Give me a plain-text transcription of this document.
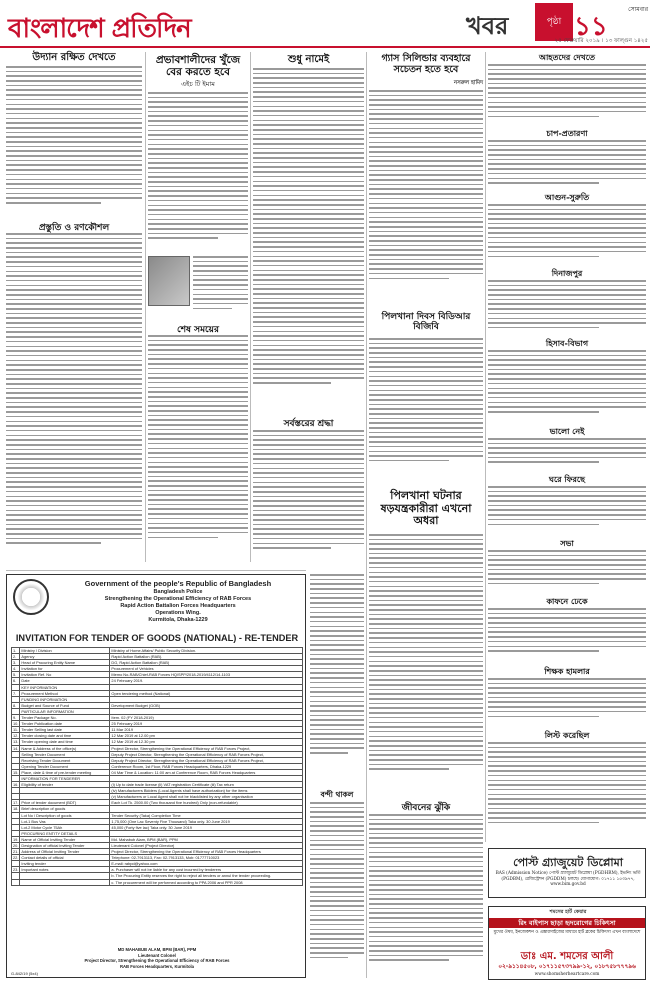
বাংলাদেশ প্রতিদিন	খবর	পৃষ্ঠা ১১
সোমবার
২৫ ফেব্রুয়ারি ২০১৯ । ১৩ ফাল্গুন ১৪২৫
উদ্যান রক্ষিত দেখতে
প্রস্তুতি ও রণকৌশল
প্রভাবশালীদের খুঁজে বের করতে হবে
এইচ টি ইমাম
শেষ সময়ের
শুধু নামেই
সর্বস্তরের শ্রদ্ধা
বন্দী থাকল
গ্যাস সিলিন্ডার ব্যবহারে সচেতন হতে হবে
নসরুল হামিদ
পিলখানা দিবস বিডিআর বিজিবি
পিলখানা ঘটনার ষড়যন্ত্রকারীরা এখনো অধরা
জীবনের ঝুঁকি
আহতদের দেখতে
চাপ-প্রতারণা
আগুন-সুরুতি
দিনাজপুর
হিসাব-বিভাগ
ভালো নেই
ঘরে ফিরছে
সভা
কাফনে ঢেকে
শিক্ষক হামলার
লিস্ট করেছিল
পোস্ট গ্র্যাজুয়েট ডিপ্লোমা
BAS (Admission Notice) পোস্ট গ্র্যাজুয়েট ডিপ্লোমা (PGDHRM), ইভনিং ভর্তি (PGDBM), রেজিস্ট্রেশন (PGDDM) চলছে। যোগাযোগ: ০১৭১১ ১৫৩৯৭৭, www.bim.gov.bd
শমসের হার্ট কেয়ার
রিং বাইপাস ছাড়া হৃদরোগের চিকিৎসা
মুখের ঔষধ, ইনজেকশন ও এক্সারসাইজের মাধ্যমে হার্ট ব্লকের চিকিৎসা এখন বাংলাদেশে
ডাঃ এম. শমসের আলী
০২-৯১১৪৫০৮, ০১৭১১৫৭৩৭৯৯-১২, ০১৮৭৫৮৭৭৭৯৬
www.shomsherheartcare.com
Government of the people's Republic of Bangladesh
Bangladesh Police
Strengthening the Operational Efficiency of RAB Forces
Rapid Action Battalion Forces Headquarters
Operations Wing.
Kurmitola, Dhaka-1229
INVITATION FOR TENDER OF GOODS (NATIONAL) - RE-TENDER
1.	Ministry / Division	Ministry of Home Affairs/ Public Security Division.
2.	Agency	Rapid Action Battalion (RAB).
3.	Head of Procuring Entity Name	DG, Rapid Action Battalion (RAB)
4.	Invitation for	Procurement of Vehicles
5.	Invitation Ref. No	Memo No-RAB/Chief-RAB Forces HQ/SPP/2018-2019/4112/14-1103
6.	Date	24 February 2019.
	KEY INFORMATION	
7.	Procurement Method	Open tendering method (National)
	FUNDING INFORMATION	
8.	Budget and Source of Fund	Development Budget (GOB)
	PARTICULAR INFORMATION	
9.	Tender Package No.	Item. 02 (FY 2018-2019)
10.	Tender Publication date	25 February 2019
11.	Tender Selling last date	11 Mar 2019
12.	Tender closing date and time	12 Mar 2019 at 12.00 pm
13.	Tender opening date and time	12 Mar 2019 at 12.30 pm
14.	Name & Address of the office(s)	Project Director, Strengthening the Operational Efficiency of RAB Forces Project,
	Selling Tender Document	Deputy Project Director, Strengthening the Operational Efficiency of RAB Forces Project,
	Receiving Tender Document	Deputy Project Director, Strengthening the Operational Efficiency of RAB Forces Project,
	Opening Tender Document	Conference Room, 1st Floor, RAB Forces Headquarters, Dhaka-1229
15.	Place, date & time of pre-tender meeting	04 Mar Time & Location: 11:00 am at Conference Room, RAB Forces Headquarters
	INFORMATION FOR TENDERER	
16.	Eligibility of tender	(i) Up to date trade license (ii) VAT registration Certificate (iii) Tax return
		(iv) Manufacturers Bidders (Local Agents shall have authorization) for the items
		(v) Manufacturers or Local Agent shall not be blacklisted by any other organisation
17.	Price of tender document (BDT)	Each Lot Tk. 2500.00 (Two thousand five hundred) Only (non-refundable)
18.	Brief description of goods	
	Lot No / Description of goods	Tender Security (Taka) Completion Time
	Lot-1 Bus Vas	1,75,000 (One Lac Seventy Five Thousand) Taka only. 30 June 2019
	Lot-2 Motor Cycle 75Ah	45,000 (Forty five lac) Taka only. 30 June 2019
	PROCURING ENTITY DETAILS	
19.	Name of Official Inviting Tender	Md. Mahabub Alam, BPM (BAR), PPM
20.	Designation of official inviting Tender	Lieutenant Colonel (Project Director)
21.	Address of Official Inviting Tender	Project Director, Strengthening the Operational Efficiency of RAB Forces Headquarters
22.	Contact details of official	Telephone: 02-7913113, Fax: 02-7913133, Mob: 01777710023
	Inviting tender	E-mail: rabpd@yahoo.com
23.	Important notes	a. Purchaser will not be liable for any cost incurred by tenderers
		b. The Procuring Entity reserves the right to reject all tenders or annul the tender proceeding.
		c. The procurement will be performed according to PPA 2006 and PPR 2008
MD MAHABUB ALAM, BPM (BAR), PPM
Lieutenant Colonel
Project Director, Strengthening the Operational Efficiency of RAB Forces
RAB Forces Headquarters, Kurmitola
G-842/19 (5x4)
